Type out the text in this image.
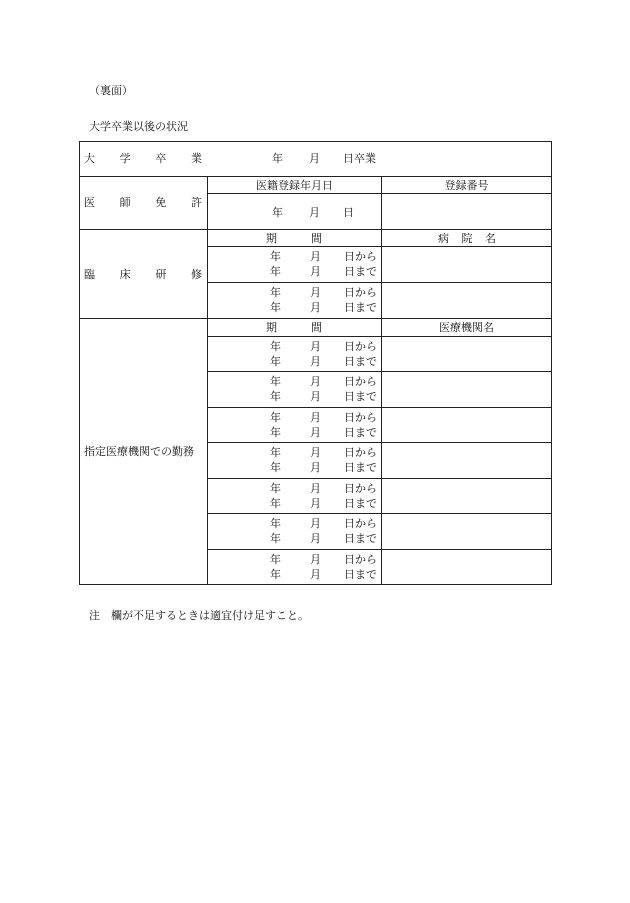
（裏面）
大学卒業以後の状況
大 学 卒 業	年 月 日卒業
医 師 免 許
医籍登録年月日	登録番号
年 月 日
臨 床 研 修
期	間	病 院 名
年	月	日から
年	月	日まで
年	月	日から
年	月	日まで
指定医療機関での勤務
期	間	医療機関名
年	月	日から
年	月	日まで
年	月	日から
年	月	日まで
年	月	日から
年	月	日まで
年	月	日から
年	月	日まで
年	月	日から
年	月	日まで
年	月	日から
年	月	日まで
年	月	日から
年	月	日まで
注　欄が不足するときは適宜付け足すこと。
